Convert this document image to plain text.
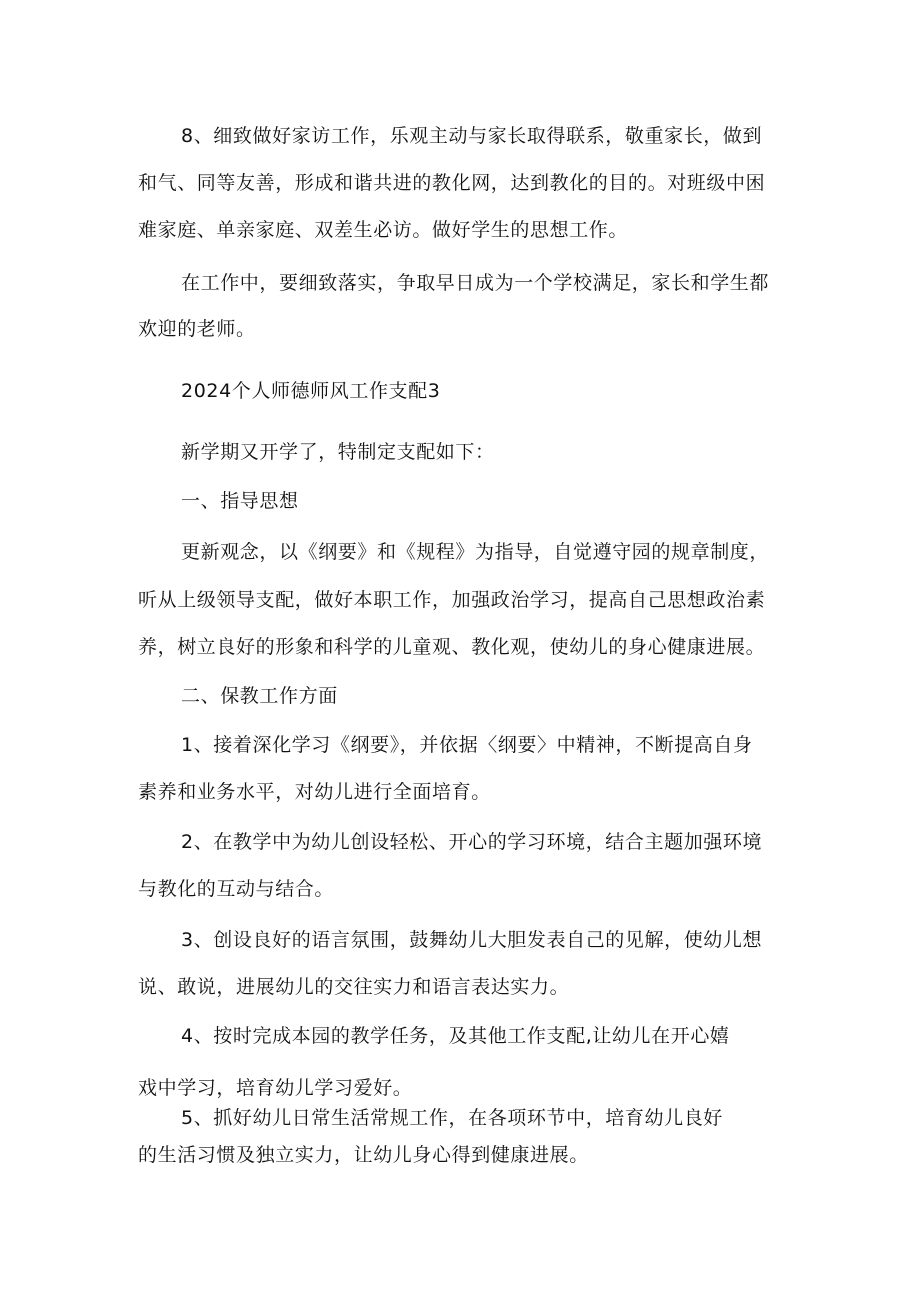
8、细致做好家访工作，乐观主动与家长取得联系，敬重家长，做到

和气、同等友善，形成和谐共进的教化网，达到教化的目的。对班级中困

难家庭、单亲家庭、双差生必访。做好学生的思想工作。

在工作中，要细致落实，争取早日成为一个学校满足，家长和学生都

欢迎的老师。

2024个人师德师风工作支配3

新学期又开学了，特制定支配如下：

一、指导思想

更新观念，以《纲要》和《规程》为指导，自觉遵守园的规章制度，

听从上级领导支配，做好本职工作，加强政治学习，提高自己思想政治素

养，树立良好的形象和科学的儿童观、教化观，使幼儿的身心健康进展。

二、保教工作方面

1、接着深化学习《纲要》，并依据〈纲要〉中精神，不断提高自身

素养和业务水平，对幼儿进行全面培育。

2、在教学中为幼儿创设轻松、开心的学习环境，结合主题加强环境

与教化的互动与结合。

3、创设良好的语言氛围，鼓舞幼儿大胆发表自己的见解，使幼儿想

说、敢说，进展幼儿的交往实力和语言表达实力。

4、按时完成本园的教学任务，及其他工作支配,让幼儿在开心嬉

戏中学习，培育幼儿学习爱好。

5、抓好幼儿日常生活常规工作，在各项环节中，培育幼儿良好

的生活习惯及独立实力，让幼儿身心得到健康进展。
